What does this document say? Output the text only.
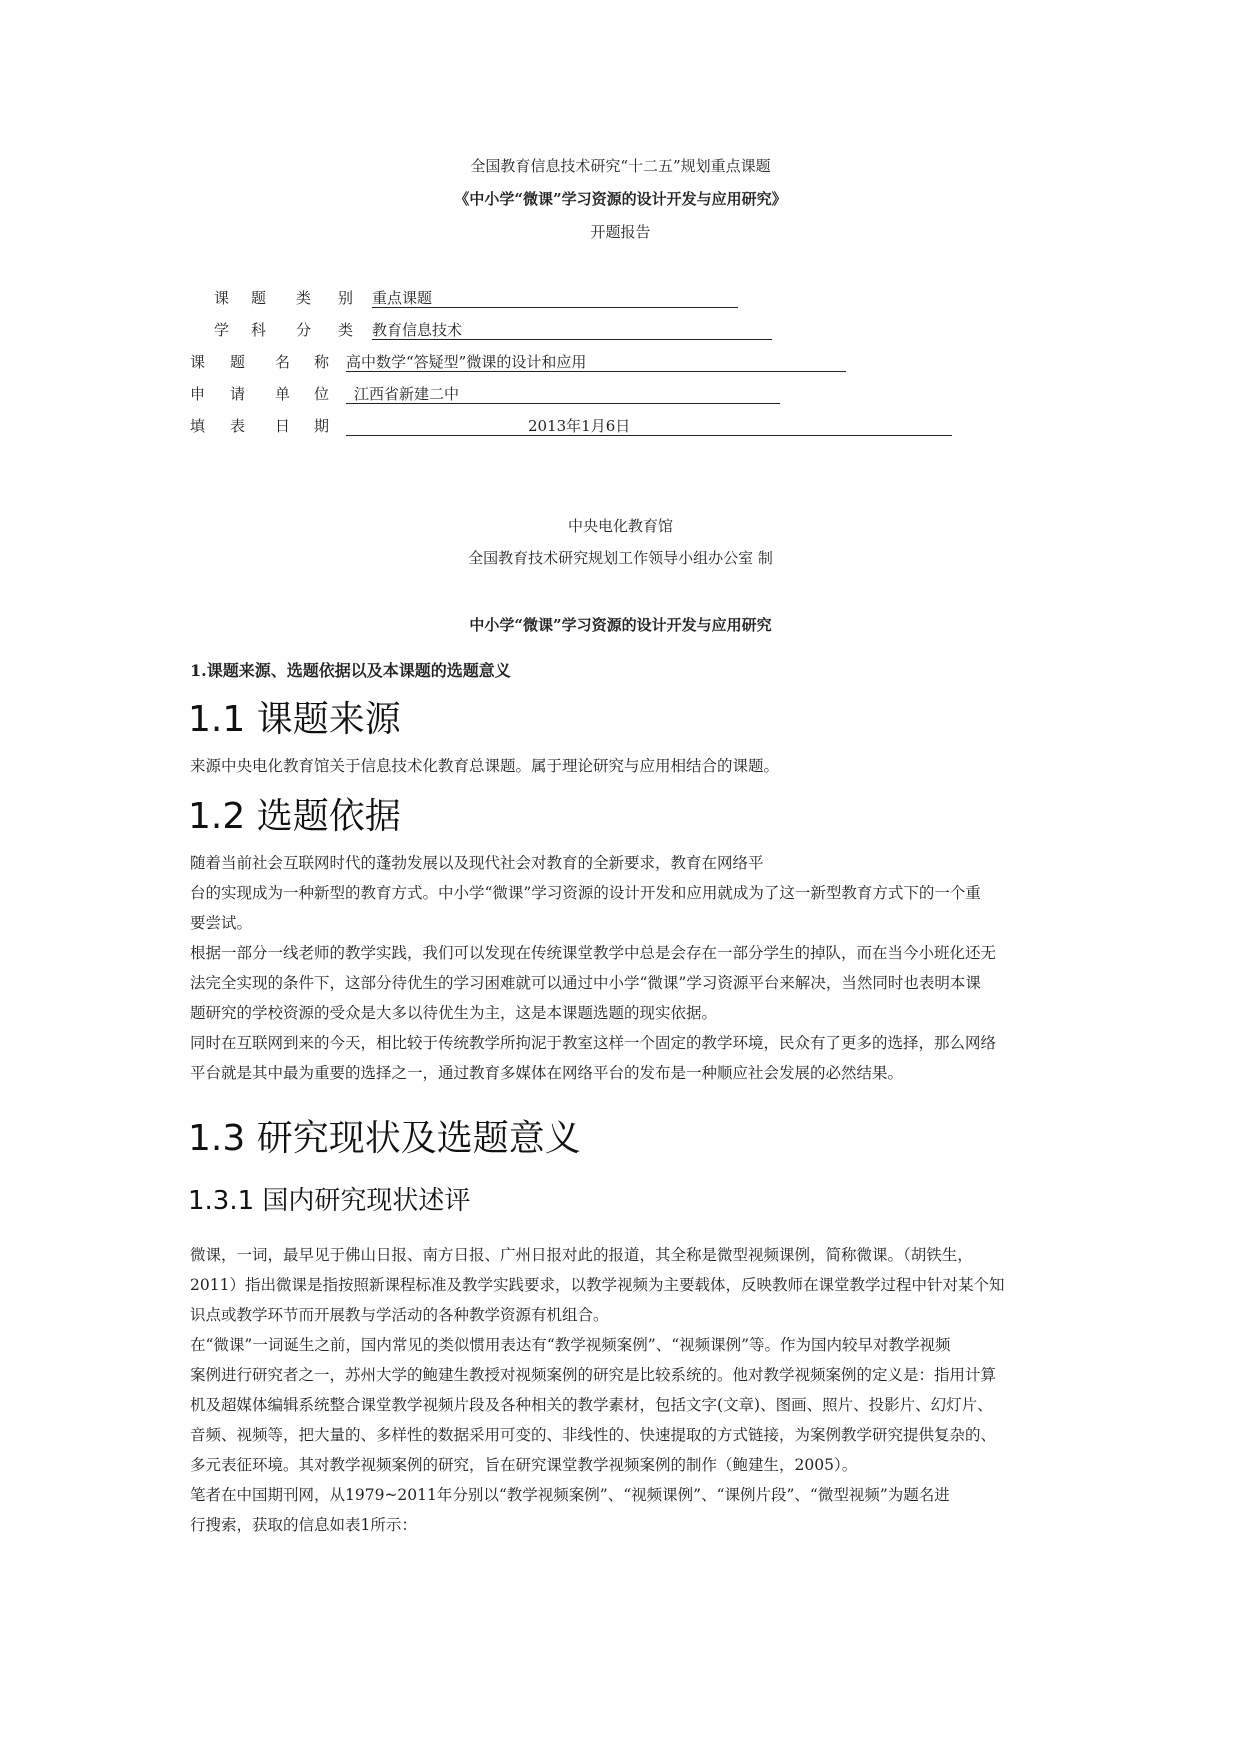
全国教育信息技术研究“十二五”规划重点课题
《中小学“微课”学习资源的设计开发与应用研究》
开题报告
课 题 类 别 重点课题
学 科 分 类 教育信息技术
课 题 名 称 高中数学“答疑型”微课的设计和应用
申 请 单 位 江西省新建二中
填 表 日 期	2013年1月6日
中央电化教育馆
全国教育技术研究规划工作领导小组办公室 制
中小学“微课”学习资源的设计开发与应用研究
1.课题来源、选题依据以及本课题的选题意义
1.1 课题来源
来源中央电化教育馆关于信息技术化教育总课题。属于理论研究与应用相结合的课题。
1.2 选题依据
随着当前社会互联网时代的蓬勃发展以及现代社会对教育的全新要求，教育在网络平
台的实现成为一种新型的教育方式。中小学“微课”学习资源的设计开发和应用就成为了这一新型教育方式下的一个重
要尝试。
根据一部分一线老师的教学实践，我们可以发现在传统课堂教学中总是会存在一部分学生的掉队，而在当今小班化还无
法完全实现的条件下，这部分待优生的学习困难就可以通过中小学“微课”学习资源平台来解决，当然同时也表明本课
题研究的学校资源的受众是大多以待优生为主，这是本课题选题的现实依据。
同时在互联网到来的今天，相比较于传统教学所拘泥于教室这样一个固定的教学环境，民众有了更多的选择，那么网络
平台就是其中最为重要的选择之一，通过教育多媒体在网络平台的发布是一种顺应社会发展的必然结果。
1.3 研究现状及选题意义
1.3.1 国内研究现状述评
微课，一词，最早见于佛山日报、南方日报、广州日报对此的报道，其全称是微型视频课例，简称微课。（胡铁生，
2011）指出微课是指按照新课程标准及教学实践要求，以教学视频为主要载体，反映教师在课堂教学过程中针对某个知
识点或教学环节而开展教与学活动的各种教学资源有机组合。
在“微课”一词诞生之前，国内常见的类似惯用表达有“教学视频案例”、“视频课例”等。作为国内较早对教学视频
案例进行研究者之一，苏州大学的鲍建生教授对视频案例的研究是比较系统的。他对教学视频案例的定义是：指用计算
机及超媒体编辑系统整合课堂教学视频片段及各种相关的教学素材，包括文字(文章)、图画、照片、投影片、幻灯片、
音频、视频等，把大量的、多样性的数据采用可变的、非线性的、快速提取的方式链接，为案例教学研究提供复杂的、
多元表征环境。其对教学视频案例的研究，旨在研究课堂教学视频案例的制作（鲍建生，2005）。
笔者在中国期刊网，从1979~2011年分别以“教学视频案例”、“视频课例”、“课例片段”、“微型视频”为题名进
行搜索，获取的信息如表1所示：
